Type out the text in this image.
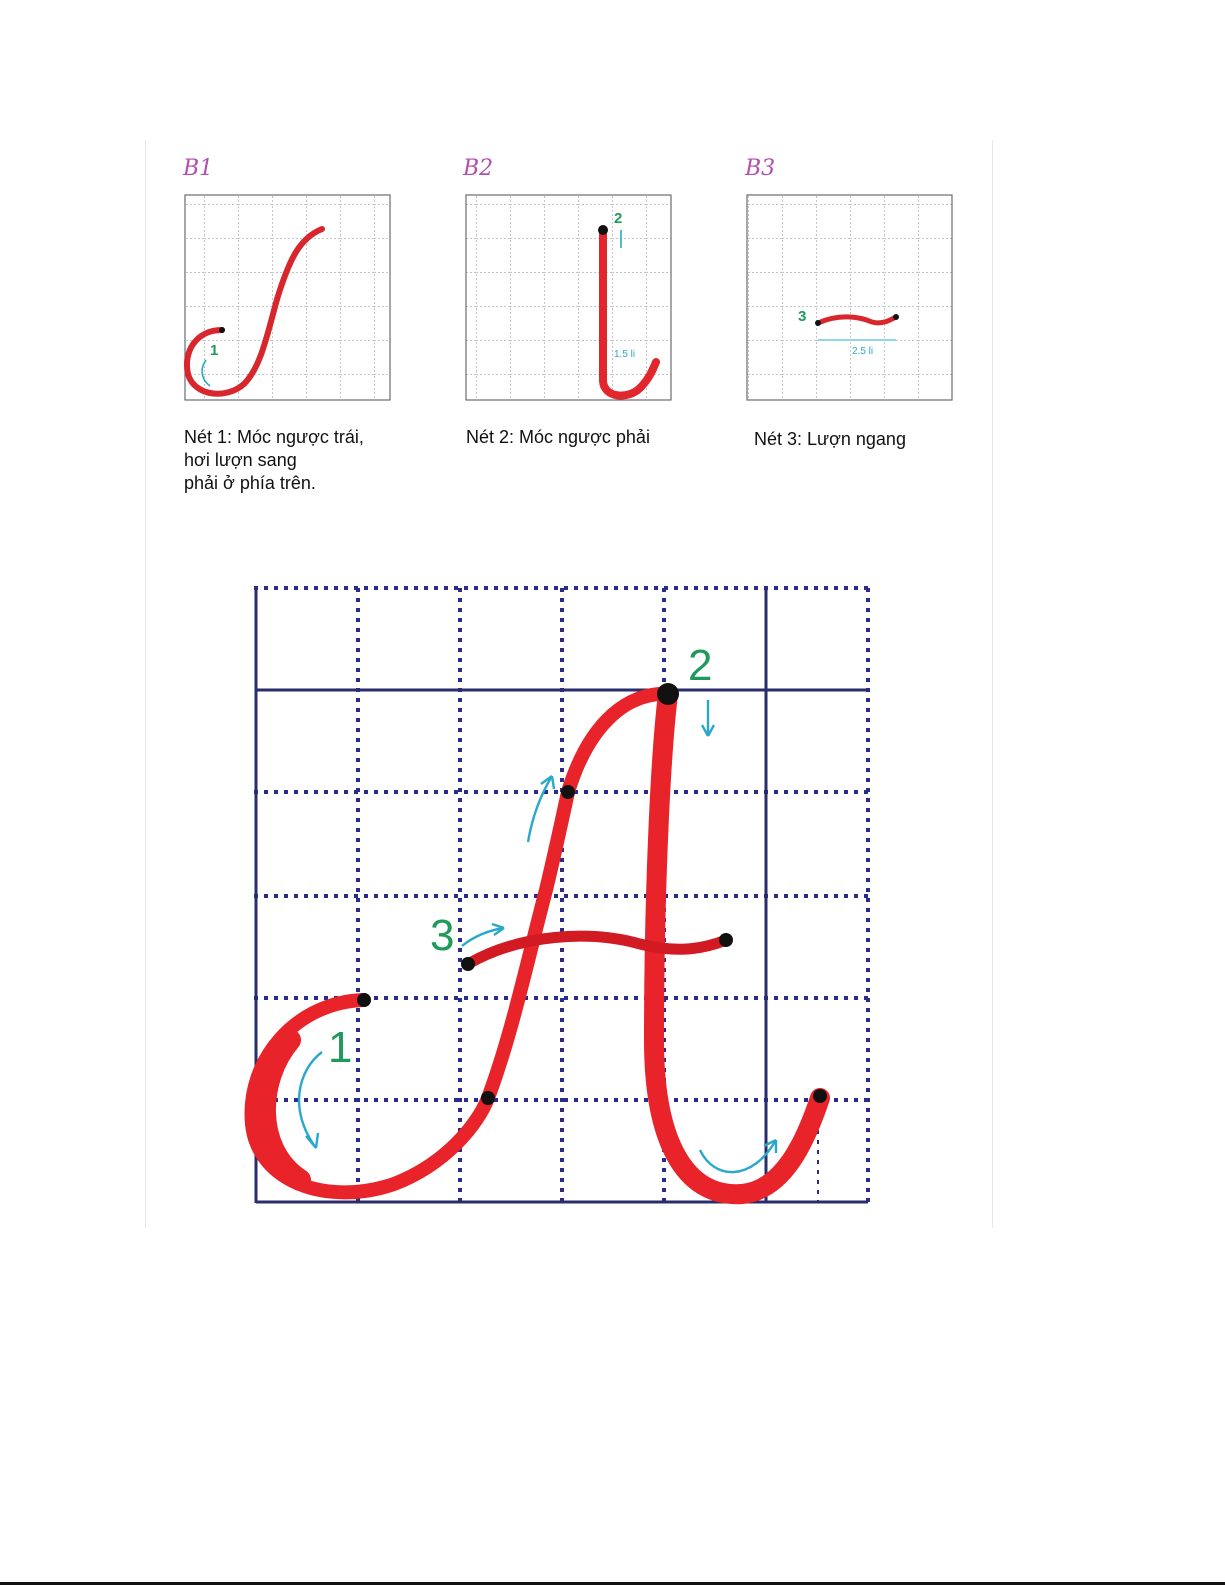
B1	B2	B3
1
2
1.5 li
3
2.5 li
Nét 1: Móc ngược trái,
hơi lượn sang
phải ở phía trên.
Nét 2: Móc ngược phải	Nét 3: Lượn ngang
1
2
3
